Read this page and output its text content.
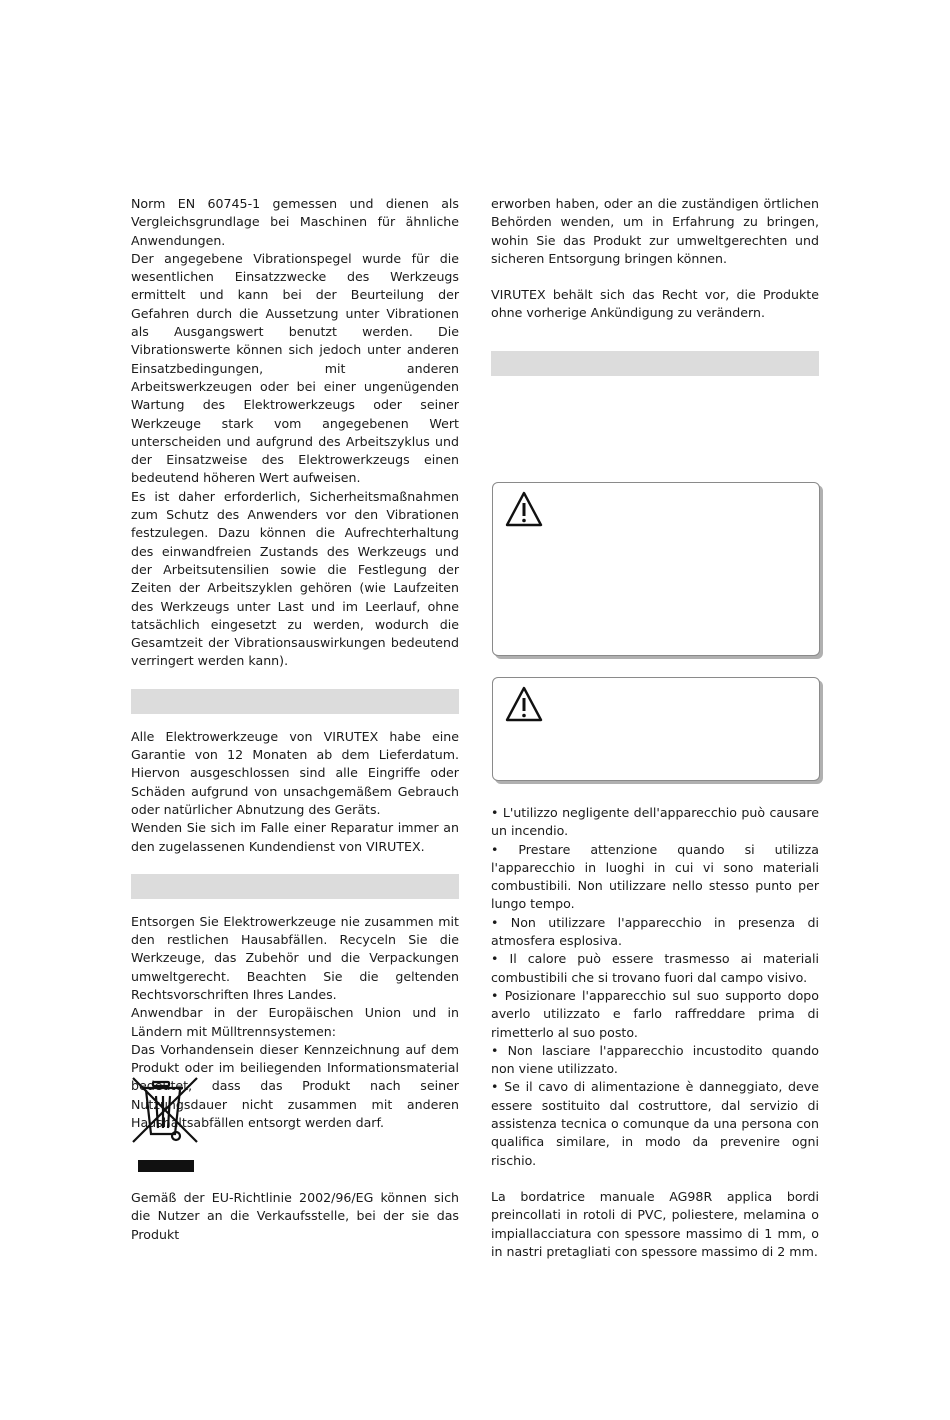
Norm EN 60745-1 gemessen und dienen als Vergleichsgrundlage bei Maschinen für ähnliche Anwendungen.

Der angegebene Vibrationspegel wurde für die wesentlichen Einsatzzwecke des Werkzeugs ermittelt und kann bei der Beurteilung der Gefahren durch die Aussetzung unter Vibrationen als Ausgangswert benutzt werden. Die Vibrationswerte können sich jedoch unter anderen Einsatzbedingungen, mit anderen Arbeitswerkzeugen oder bei einer ungenügenden Wartung des Elektrowerkzeugs oder seiner Werkzeuge stark vom angegebenen Wert unterscheiden und aufgrund des Arbeitszyklus und der Einsatzweise des Elektrowerkzeugs einen bedeutend höheren Wert aufweisen.

Es ist daher erforderlich, Sicherheitsmaßnahmen zum Schutz des Anwenders vor den Vibrationen festzulegen. Dazu können die Aufrechterhaltung des einwandfreien Zustands des Werkzeugs und der Arbeitsutensilien sowie die Festlegung der Zeiten der Arbeitszyklen gehören (wie Laufzeiten des Werkzeugs unter Last und im Leerlauf, ohne tatsächlich eingesetzt zu werden, wodurch die Gesamtzeit der Vibrationsauswirkungen bedeutend verringert werden kann).

Alle Elektrowerkzeuge von VIRUTEX habe eine Garantie von 12 Monaten ab dem Lieferdatum. Hiervon ausgeschlossen sind alle Eingriffe oder Schäden aufgrund von unsachgemäßem Gebrauch oder natürlicher Abnutzung des Geräts.

Wenden Sie sich im Falle einer Reparatur immer an den zugelassenen Kundendienst von VIRUTEX.

Entsorgen Sie Elektrowerkzeuge nie zusammen mit den restlichen Hausabfällen. Recyceln Sie die Werkzeuge, das Zubehör und die Verpackungen umweltgerecht. Beachten Sie die geltenden Rechtsvorschriften Ihres Landes.

Anwendbar in der Europäischen Union und in Ländern mit Mülltrennsystemen:

Das Vorhandensein dieser Kennzeichnung auf dem Produkt oder im beiliegenden Informationsmaterial bedeutet, dass das Produkt nach seiner Nutzungsdauer nicht zusammen mit anderen Haushaltsabfällen entsorgt werden darf.

Gemäß der EU-Richtlinie 2002/96/EG können sich die Nutzer an die Verkaufsstelle, bei der sie das Produkt

erworben haben, oder an die zuständigen örtlichen Behörden wenden, um in Erfahrung zu bringen, wohin Sie das Produkt zur umweltgerechten und sicheren Entsorgung bringen können.

VIRUTEX behält sich das Recht vor, die Produkte ohne vorherige Ankündigung zu verändern.

• L'utilizzo negligente dell'apparecchio può causare un incendio.

• Prestare attenzione quando si utilizza l'apparecchio in luoghi in cui vi sono materiali combustibili. Non utilizzare nello stesso punto per lungo tempo.

• Non utilizzare l'apparecchio in presenza di atmosfera esplosiva.

• Il calore può essere trasmesso ai materiali combustibili che si trovano fuori dal campo visivo.

• Posizionare l'apparecchio sul suo supporto dopo averlo utilizzato e farlo raffreddare prima di rimetterlo al suo posto.

• Non lasciare l'apparecchio incustodito quando non viene utilizzato.

• Se il cavo di alimentazione è danneggiato, deve essere sostituito dal costruttore, dal servizio di assistenza tecnica o comunque da una persona con qualifica similare, in modo da prevenire ogni rischio.

La bordatrice manuale AG98R applica bordi preincollati in rotoli di PVC, poliestere, melamina o impiallacciatura con spessore massimo di 1 mm, o in nastri pretagliati con spessore massimo di 2 mm.
